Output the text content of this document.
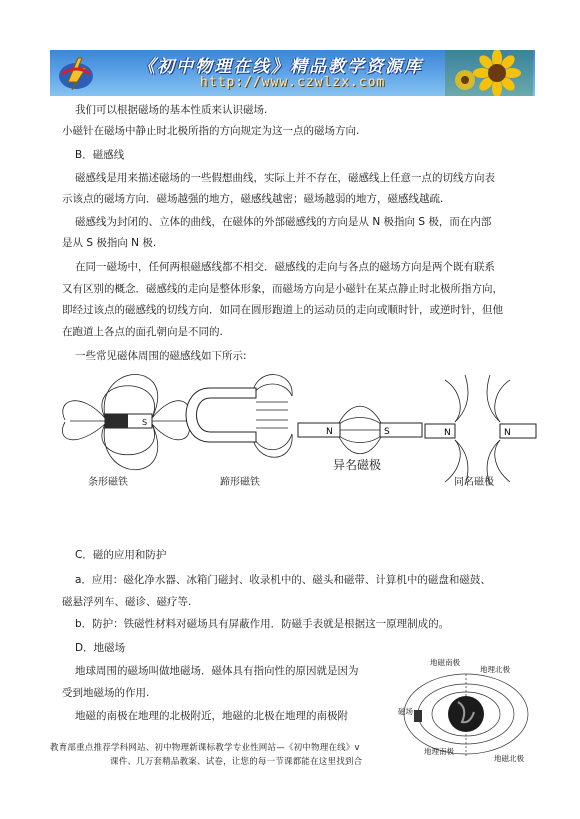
《初中物理在线》精品教学资源库
http://www.czwlzx.com
我们可以根据磁场的基本性质来认识磁场.
小磁针在磁场中静止时北极所指的方向规定为这一点的磁场方向.
B．磁感线
磁感线是用来描述磁场的一些假想曲线，实际上并不存在，磁感线上任意一点的切线方向表
示该点的磁场方向．磁场越强的地方，磁感线越密；磁场越弱的地方，磁感线越疏.
磁感线为封闭的、立体的曲线，在磁体的外部磁感线的方向是从 N 极指向 S 极，而在内部
是从 S 极指向 N 极.
在同一磁场中，任何两根磁感线都不相交．磁感线的走向与各点的磁场方向是两个既有联系
又有区别的概念．磁感线的走向是整体形象，而磁场方向是小磁针在某点静止时北极所指方向，
即经过该点的磁感线的切线方向．如同在圆形跑道上的运动员的走向或顺时针，或逆时针，但他
在跑道上各点的面孔朝向是不同的.
一些常见磁体周围的磁感线如下所示:
S
N	S	N	N
条形磁铁	蹄形磁铁
异名磁极
同名磁极
C．磁的应用和防护
a．应用：磁化净水器、冰箱门磁封、收录机中的、磁头和磁带、计算机中的磁盘和磁鼓、
磁悬浮列车、磁诊、磁疗等.
b．防护：铁磁性材料对磁场具有屏蔽作用．防磁手表就是根据这一原理制成的。
D．地磁场
地球周围的磁场叫做地磁场．磁体具有指向性的原因就是因为
受到地磁场的作用.
地磁的南极在地理的北极附近，地磁的北极在地理的南极附
地磁南极
地理北极
磁场
地理南极
地磁北极
教育部重点推荐学科网站、初中物理新课标教学专业性网站—《初中物理在线》v
课件、几万套精品教案、试卷，让您的每一节课都能在这里找到合
